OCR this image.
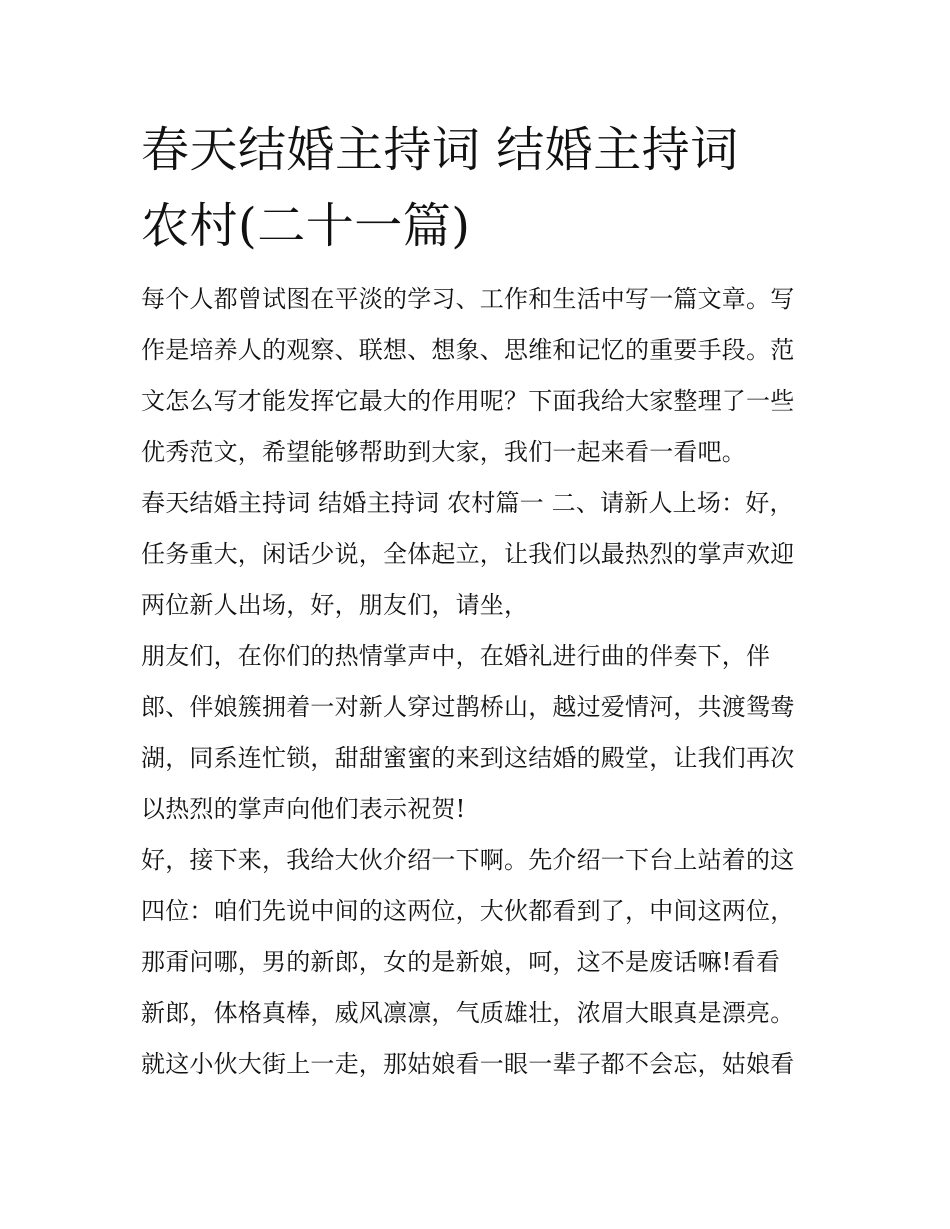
春天结婚主持词 结婚主持词
农村(二十一篇)

每个人都曾试图在平淡的学习、工作和生活中写一篇文章。写
作是培养人的观察、联想、想象、思维和记忆的重要手段。范
文怎么写才能发挥它最大的作用呢？下面我给大家整理了一些
优秀范文，希望能够帮助到大家，我们一起来看一看吧。

春天结婚主持词 结婚主持词 农村篇一 二、请新人上场：好，
任务重大，闲话少说，全体起立，让我们以最热烈的掌声欢迎
两位新人出场，好，朋友们，请坐，

朋友们，在你们的热情掌声中，在婚礼进行曲的伴奏下，伴
郎、伴娘簇拥着一对新人穿过鹊桥山，越过爱情河，共渡鸳鸯
湖，同系连忙锁，甜甜蜜蜜的来到这结婚的殿堂，让我们再次
以热烈的掌声向他们表示祝贺!

好，接下来，我给大伙介绍一下啊。先介绍一下台上站着的这
四位：咱们先说中间的这两位，大伙都看到了，中间这两位，
那甭问哪，男的新郎，女的是新娘，呵，这不是废话嘛!看看
新郎，体格真棒，威风凛凛，气质雄壮，浓眉大眼真是漂亮。
就这小伙大街上一走，那姑娘看一眼一辈子都不会忘，姑娘看
